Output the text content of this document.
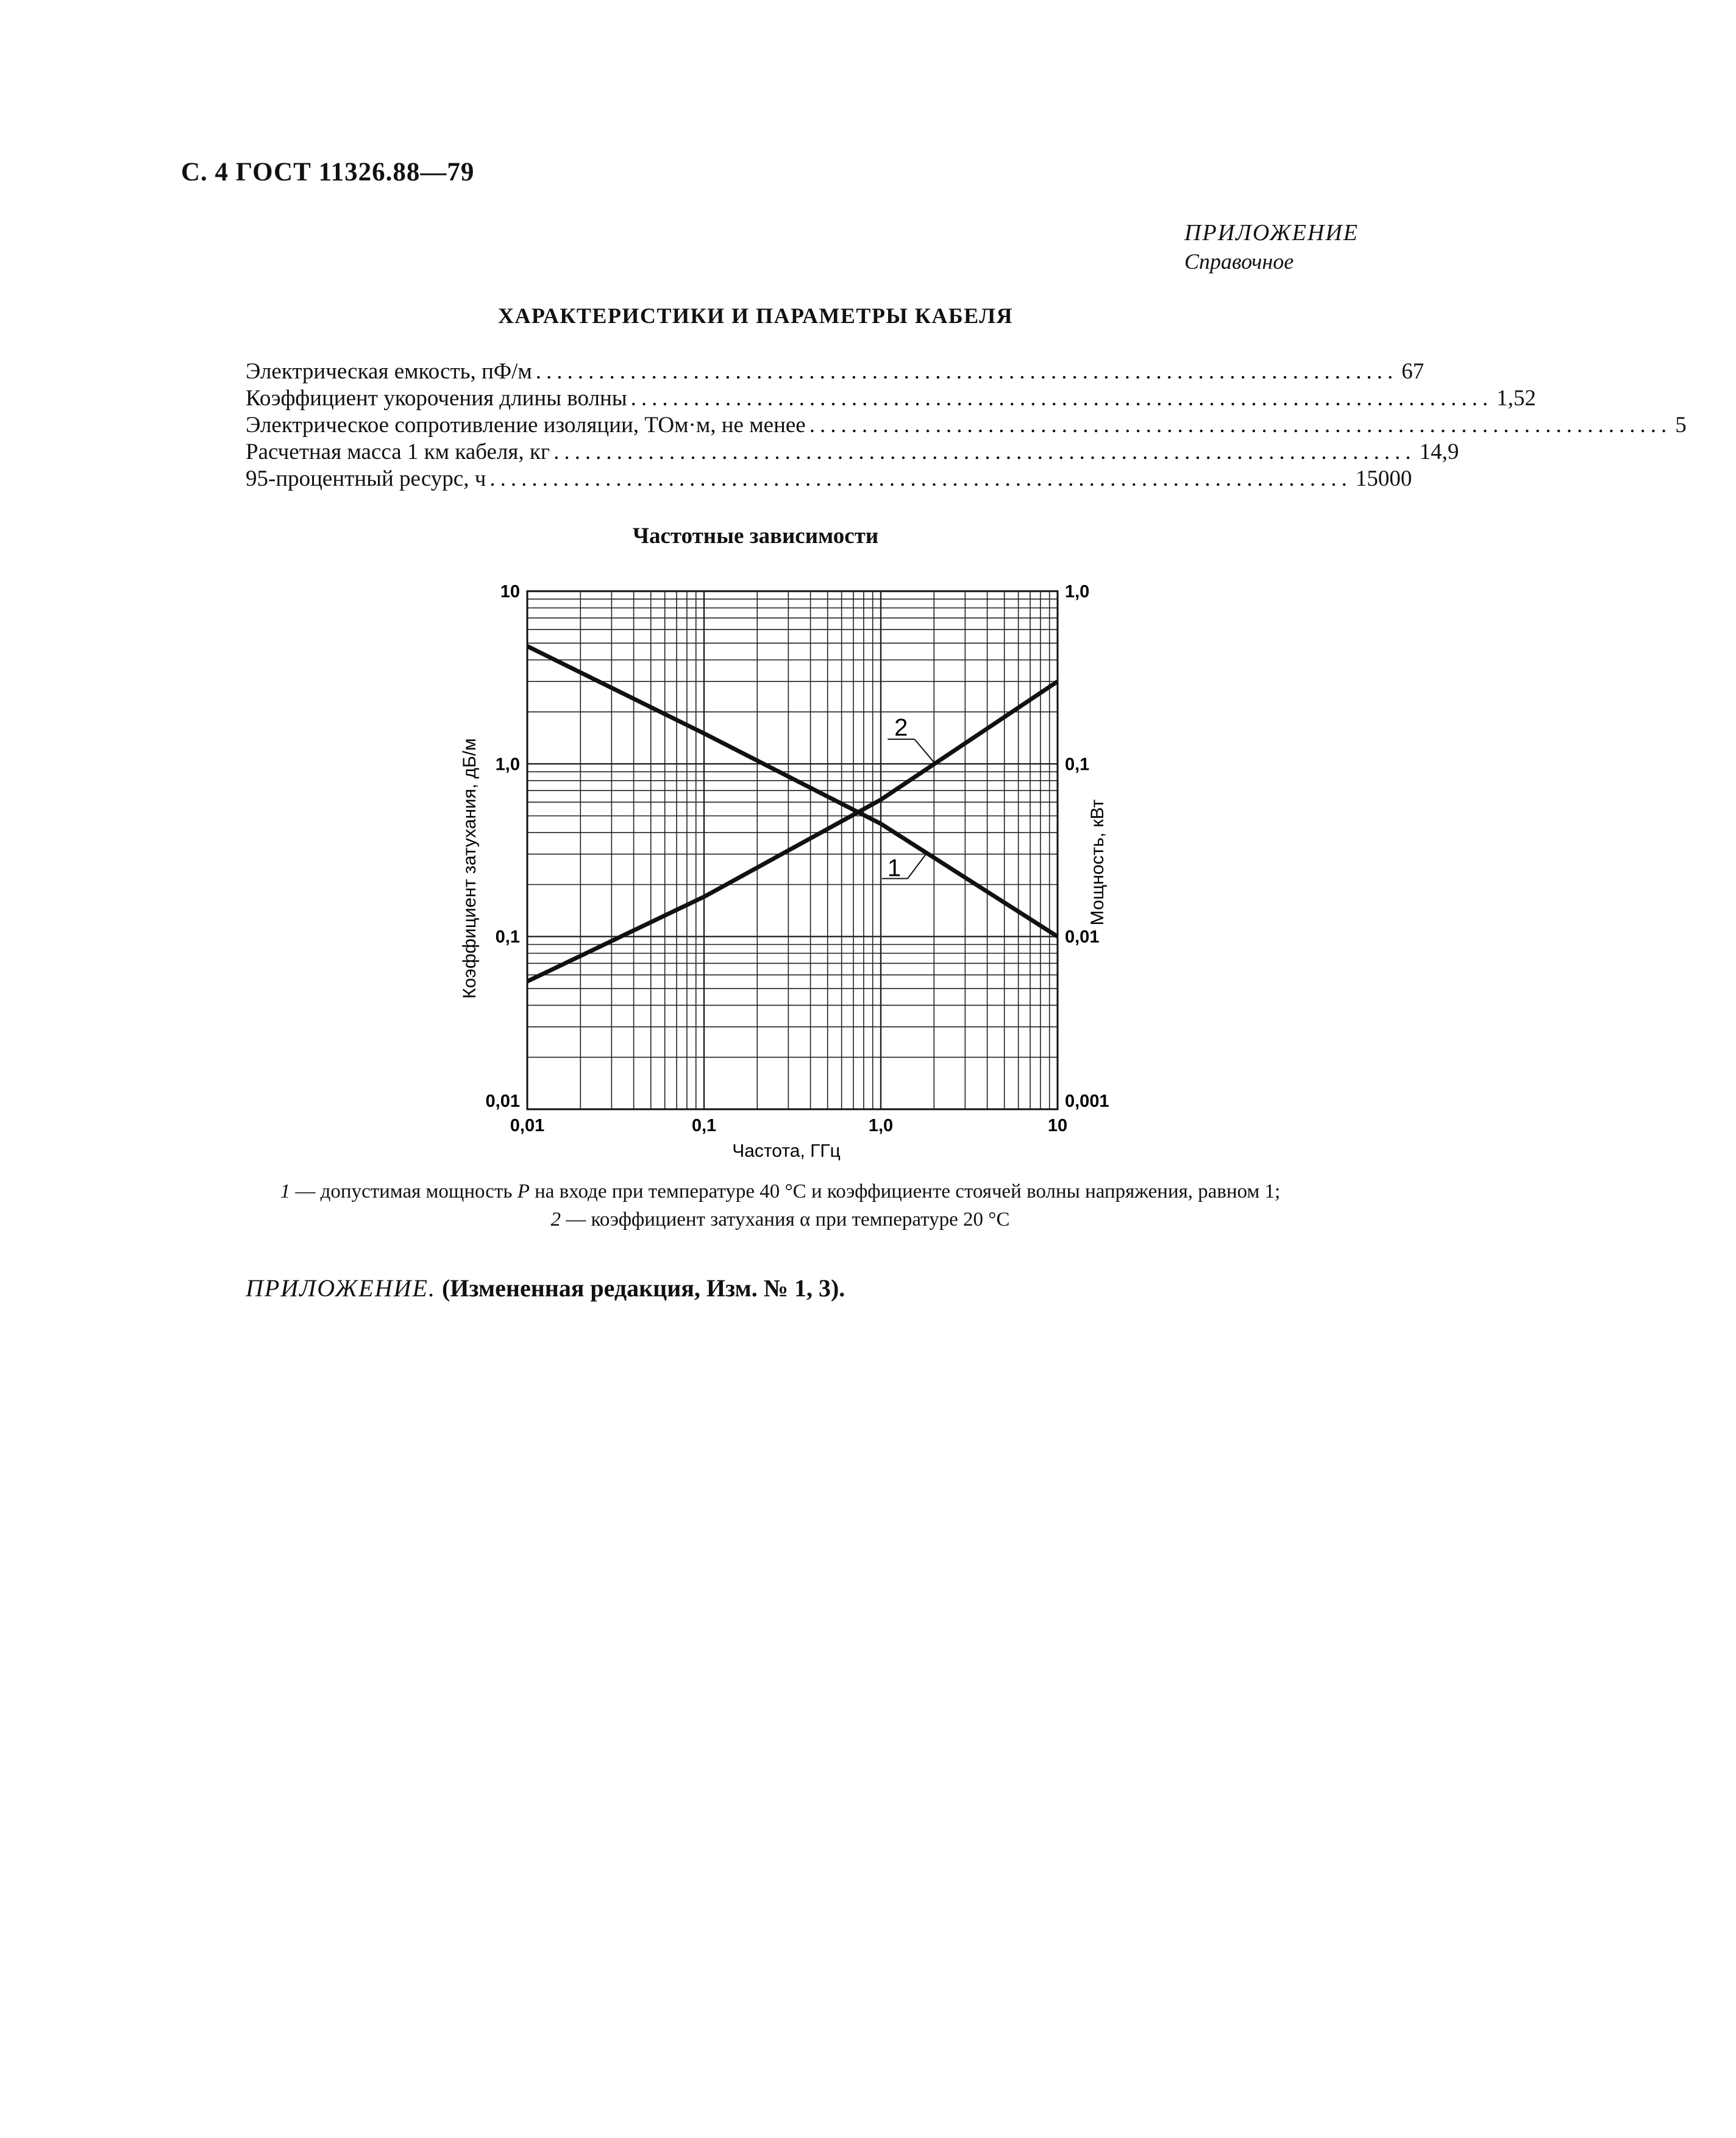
С. 4 ГОСТ 11326.88—79
ПРИЛОЖЕНИЕ
Справочное
ХАРАКТЕРИСТИКИ И ПАРАМЕТРЫ КАБЕЛЯ
Электрическая емкость, пФ/м .................................................................................. 67
Коэффициент укорочения длины волны .................................................................................. 1,52
Электрическое сопротивление изоляции, ТОм·м, не менее .................................................................................. 5
Расчетная масса 1 км кабеля, кг .................................................................................. 14,9
95-процентный ресурс, ч .................................................................................. 15000
Частотные зависимости
0,01	0,1	1,0	10
0,01
0,1
1,0
10
0,001
0,01
0,1
1,0
1
2
Коэффициент затухания, дБ/м	Мощность, кВт
Частота, ГГц
1 — допустимая мощность P на входе при температуре 40 °С и коэффициенте стоячей волны напряжения, равном 1;
2 — коэффициент затухания α при температуре 20 °С
ПРИЛОЖЕНИЕ. (Измененная редакция, Изм. № 1, 3).
